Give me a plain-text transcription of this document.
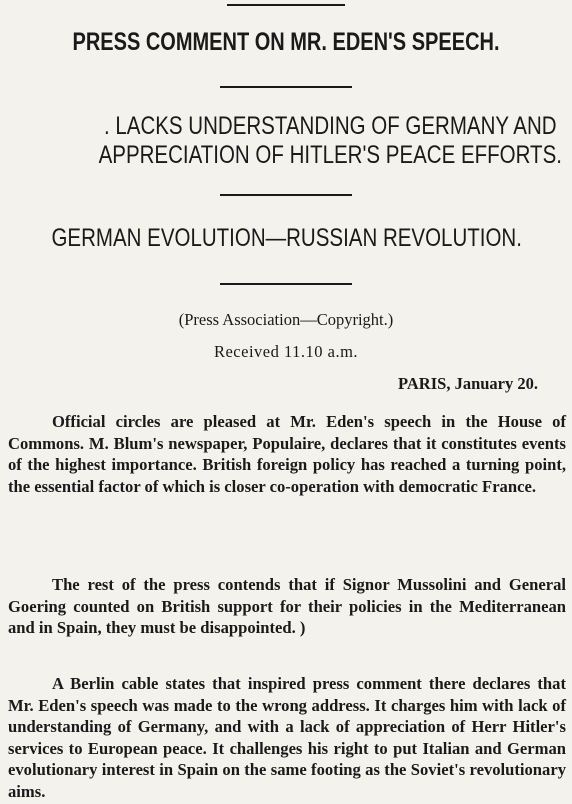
PRESS COMMENT ON MR. EDEN'S SPEECH.
. LACKS UNDERSTANDING OF GERMANY AND APPRECIATION OF HITLER'S PEACE EFFORTS.
GERMAN EVOLUTION—RUSSIAN REVOLUTION.
(Press Association—Copyright.)
Received 11.10 a.m.
PARIS, January 20.

Official circles are pleased at Mr. Eden's speech in the House of Commons. M. Blum's newspaper, Populaire, declares that it constitutes events of the highest importance. British foreign policy has reached a turning point, the essential factor of which is closer co-operation with democratic France.

The rest of the press contends that if Signor Mussolini and General Goering counted on British support for their policies in the Mediterranean and in Spain, they must be disappointed. )

A Berlin cable states that inspired press comment there declares that Mr. Eden's speech was made to the wrong address. It charges him with lack of understanding of Germany, and with a lack of appreciation of Herr Hitler's services to European peace. It challenges his right to put Italian and German evolutionary interest in Spain on the same footing as the Soviet's revolutionary aims.
